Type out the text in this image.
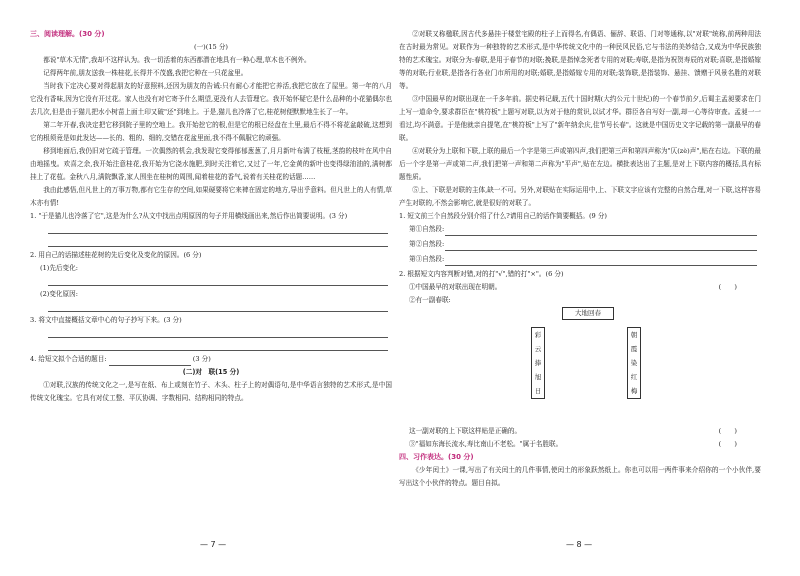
三、阅读理解。(30 分)
(一)(15 分)
都说"草木无情",我却不这样认为。我一切活着的东西都潜在地具有一种心理,草木也不例外。
记得两年前,朋友送我一株桂花,长得并不茂盛,我把它种在一只花盆里。
当时我下定决心要对得起朋友的好意照料,还因为朋友的告诫:只有耐心才能把它养活,我把它放在了屋里。第一年的八月它没有香味,因为它没有开过花。家人也没有对它寄予什么期望,更没有人去管理它。我开始怀疑它是什么品种的小花猫偶尔也去几次,但是由于猫儿把水小树苗上面土印又破"还"到地上。于是,猫儿也冷落了它,桂花树便默默地生长了一年。
第二年开春,我决定把它移到院子里的空地上。我开始挖它的根,但是它的根已经盘在土里,最后不得不将花盆敲破,这想到它的根须竟是如此发达——长的、粗的、细的,交错在花盆里面,我不得不佩服它的顽强。
移到地面后,我仍旧对它疏于管理。一次偶然的机会,我发现它变得郁郁葱葱了,月月新叶布满了枝桠,茎韵的枝叶在风中自由地摇曳。欢喜之余,我开始注意桂花,我开始为它浇水施肥,到时关注着它,又过了一年,它金黄的新叶也变得绿油油的,满树都挂上了花苞。金秋八月,满院飘香,家人围坐在桂树的周围,闻着桂花的香气,说着有关桂花的话题……
我由此感悟,但凡世上的万事万物,都有它生存的空间,如果硬要将它来裨在固定的地方,导出乎意料。但凡世上的人有情,草木亦有情!
1. "于是猫儿也冷落了它",这是为什么?从文中找出点明原因的句子并用横线画出来,然后作出简要说明。(3 分)
2. 用自己的话描述桂花树的先后变化及变化的原因。(6 分)
(1)先后变化:
(2)变化原因:
3. 将文中直接概括文章中心的句子抄写下来。(3 分)
4. 给短文拟个合适的题目:	(3 分)
(二)对　联(15 分)
①对联,汉族的传统文化之一,是写在纸、布上或刻在竹子、木头、柱子上的对偶语句,是中华语言独特的艺术形式,是中国传统文化瑰宝。它具有对仗工整、平仄协调、字数相同、结构相同的特点。
— 7 —
②对联又称楹联,因古代多悬挂于楼堂宅殿的柱子上而得名,有偶语、俪辞、联语、门对等通称,以"对联"统称,前两种用法在古时最为常见。对联作为一种独特的艺术形式,是中华传统文化中的一种民风民俗,它与书法的美妙结合,又成为中华民族独特的艺术瑰宝。对联分为:春联,是用于春节的对联;挽联,是指悼念死者专用的对联;寿联,是指为祝贺寿辰的对联;喜联,是指婚嫁等的对联;行业联,是指各行各业门市所用的对联;婚联,是指婚嫁专用的对联;装饰联,是指装饰、悬挂、馈赠于风景名胜的对联等。
③中国最早的对联出现在一千多年前。据史料记载,五代十国时期(大约公元十世纪)的一个春节前夕,后蜀主孟昶要求在门上写一道命令,要求群臣在"桃符板"上题写对联,以为对于他的赏识,以试才华。群臣各自写好一副,却一心等待审查。孟昶一一看过,均不满意。于是他就亲自提笔,在"桃符板"上写了"新年纳余庆,佳节号长春"。这就是中国历史文字记载的第一副最早的春联。
④对联分为上联和下联,上联的最后一个字是第三声或第四声,我们把第三声和第四声称为"仄(zè)声",贴在右边。下联的最后一个字是第一声或第二声,我们把第一声和第二声称为"平声",贴在左边。横批表达出了主题,是对上下联内容的概括,具有标题性质。
⑤上、下联是对联的主体,缺一不可。另外,对联贴在实际运用中,上、下联文字应该有完整的自然合理,对一下联,这样容易产生对联的,不然会影响它,就是很好的对联了。
1. 短文前三个自然段分别介绍了什么?请用自己的话作简要概括。(9 分)
第①自然段:
第②自然段:
第③自然段:
2. 根据短文内容判断对错,对的打"√",错的打"×"。(6 分)
①中国最早的对联出现在明朝。	(　　)
②有一副春联:
大地回春
彩
云
捧
旭
日
朝
霞
染
红
梅
这一副对联的上下联这样贴是正确的。	(　　)
③"福如东海长流水,寿比南山不老松。"属于名胜联。	(　　)
四、习作表达。(30 分)
《少年闰土》一课,写出了有关闰土的几件事情,使闰土的形象跃然纸上。你也可以用一两件事来介绍你的一个小伙伴,要写出这个小伙伴的特点。题目自拟。
— 8 —
